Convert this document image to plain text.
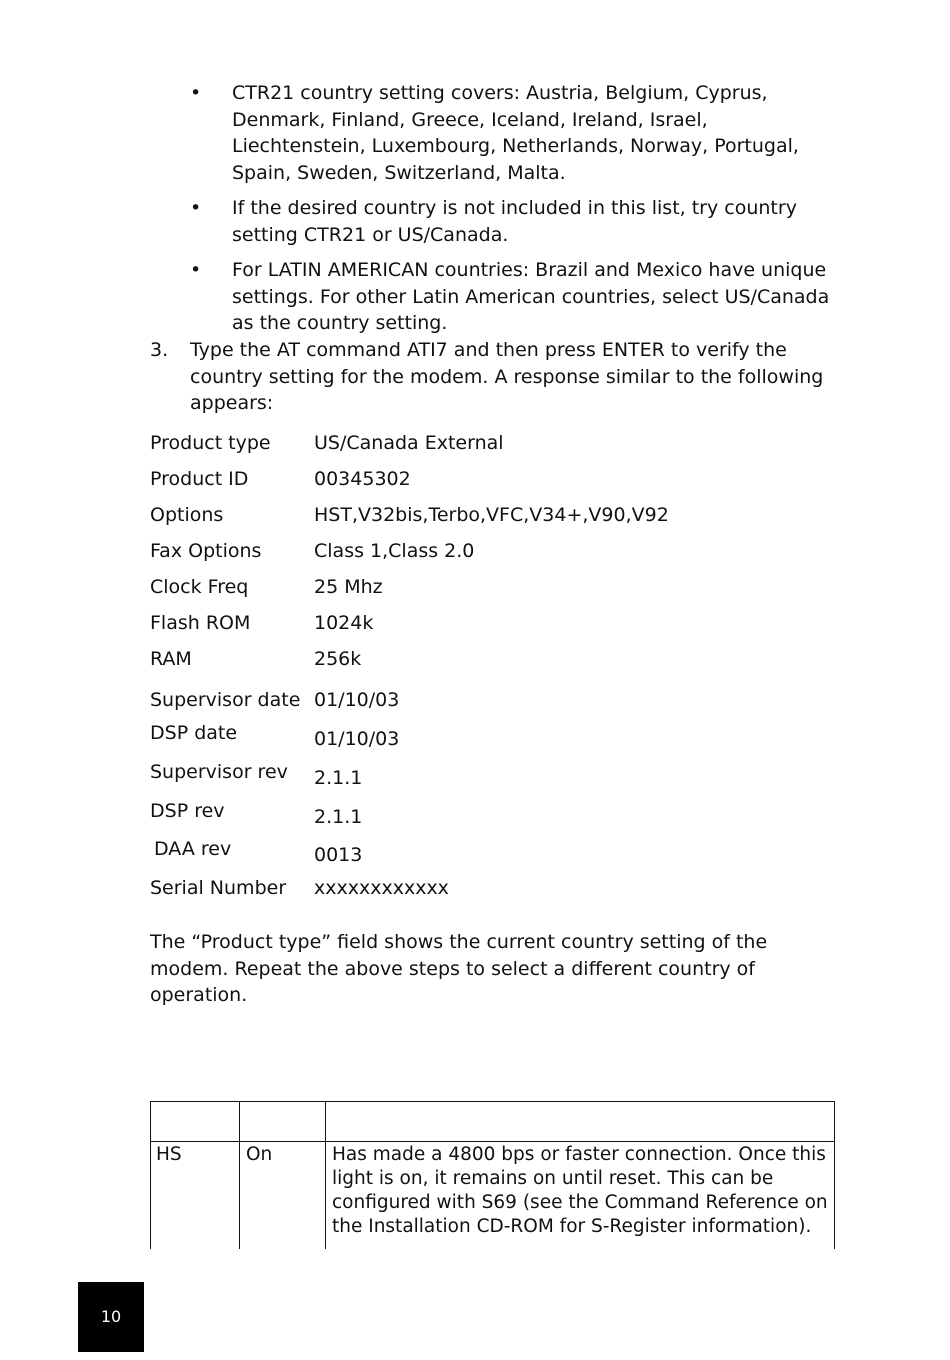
• CTR21 country setting covers: Austria, Belgium, Cyprus, Denmark, Finland, Greece, Iceland, Ireland, Israel, Liechtenstein, Luxembourg, Netherlands, Norway, Portugal, Spain, Sweden, Switzerland, Malta.
• If the desired country is not included in this list, try country setting CTR21 or US/Canada.
• For LATIN AMERICAN countries: Brazil and Mexico have unique settings. For other Latin American countries, select US/Canada as the country setting.
3. Type the AT command ATI7 and then press ENTER to verify the country setting for the modem. A response similar to the following appears:
Product type US/Canada External
Product ID	00345302
Options	HST,V32bis,Terbo,VFC,V34+,V90,V92
Fax Options	Class 1,Class 2.0
Clock Freq	25 Mhz
Flash ROM	1024k
RAM	256k
Supervisor date 01/10/03
DSP date	01/10/03
Supervisor rev 2.1.1
DSP rev	2.1.1
DAA rev	0013
Serial Number xxxxxxxxxxxx

The “Product type” field shows the current country setting of the modem. Repeat the above steps to select a different country of operation.

HS	On	Has made a 4800 bps or faster connection. Once this light is on, it remains on until reset. This can be configured with S69 (see the Command Reference on the Installation CD-ROM for S-Register information).
10
